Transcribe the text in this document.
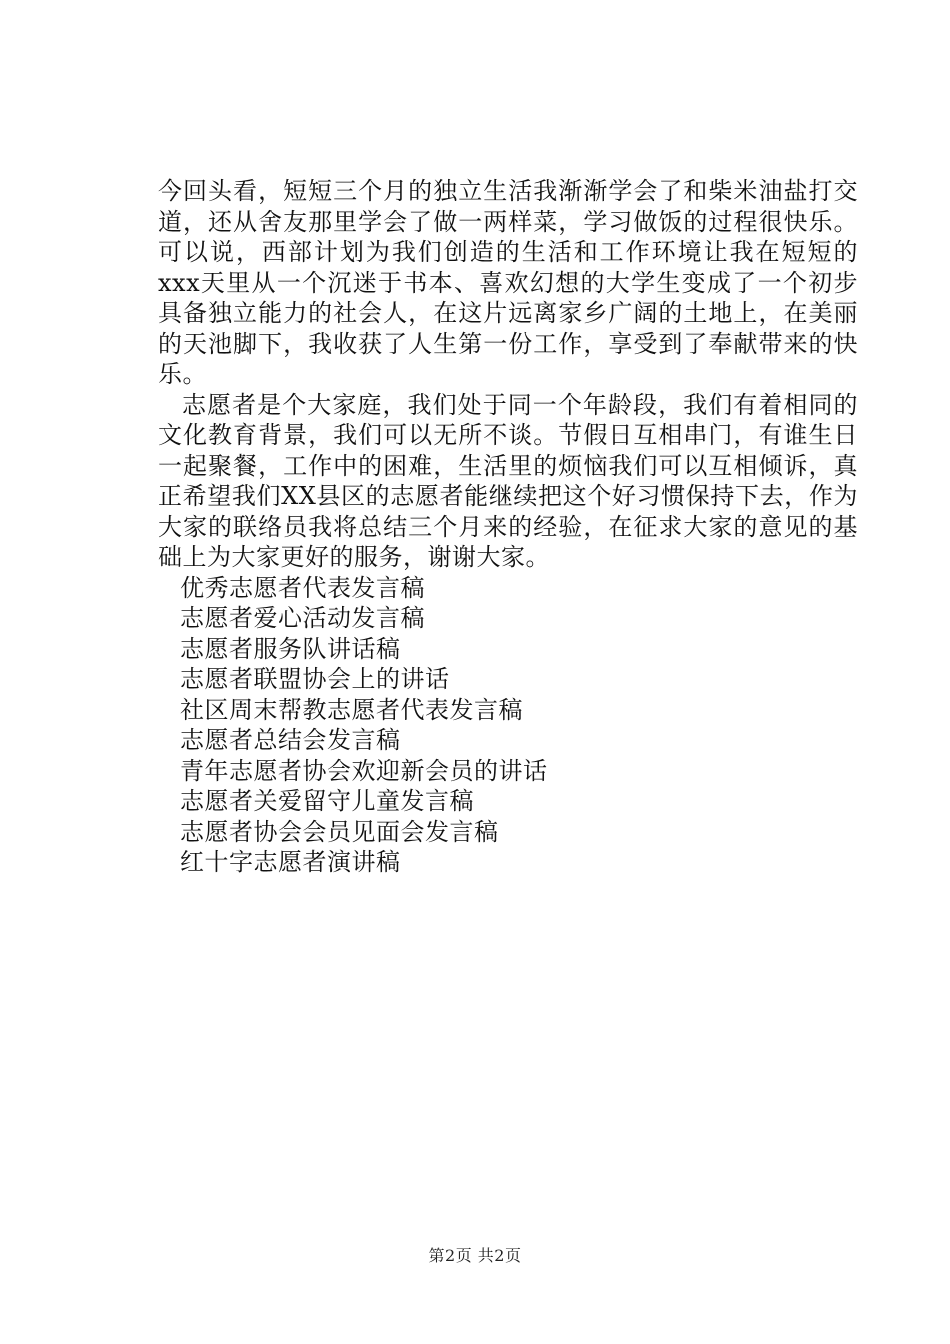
今回头看，短短三个月的独立生活我渐渐学会了和柴米油盐打交道，还从舍友那里学会了做一两样菜，学习做饭的过程很快乐。可以说，西部计划为我们创造的生活和工作环境让我在短短的xxx天里从一个沉迷于书本、喜欢幻想的大学生变成了一个初步具备独立能力的社会人，在这片远离家乡广阔的土地上，在美丽的天池脚下，我收获了人生第一份工作，享受到了奉献带来的快乐。

志愿者是个大家庭，我们处于同一个年龄段，我们有着相同的文化教育背景，我们可以无所不谈。节假日互相串门，有谁生日一起聚餐，工作中的困难，生活里的烦恼我们可以互相倾诉，真正希望我们XX县区的志愿者能继续把这个好习惯保持下去，作为大家的联络员我将总结三个月来的经验，在征求大家的意见的基础上为大家更好的服务，谢谢大家。

优秀志愿者代表发言稿
志愿者爱心活动发言稿
志愿者服务队讲话稿
志愿者联盟协会上的讲话
社区周末帮教志愿者代表发言稿
志愿者总结会发言稿
青年志愿者协会欢迎新会员的讲话
志愿者关爱留守儿童发言稿
志愿者协会会员见面会发言稿
红十字志愿者演讲稿
第2页 共2页
